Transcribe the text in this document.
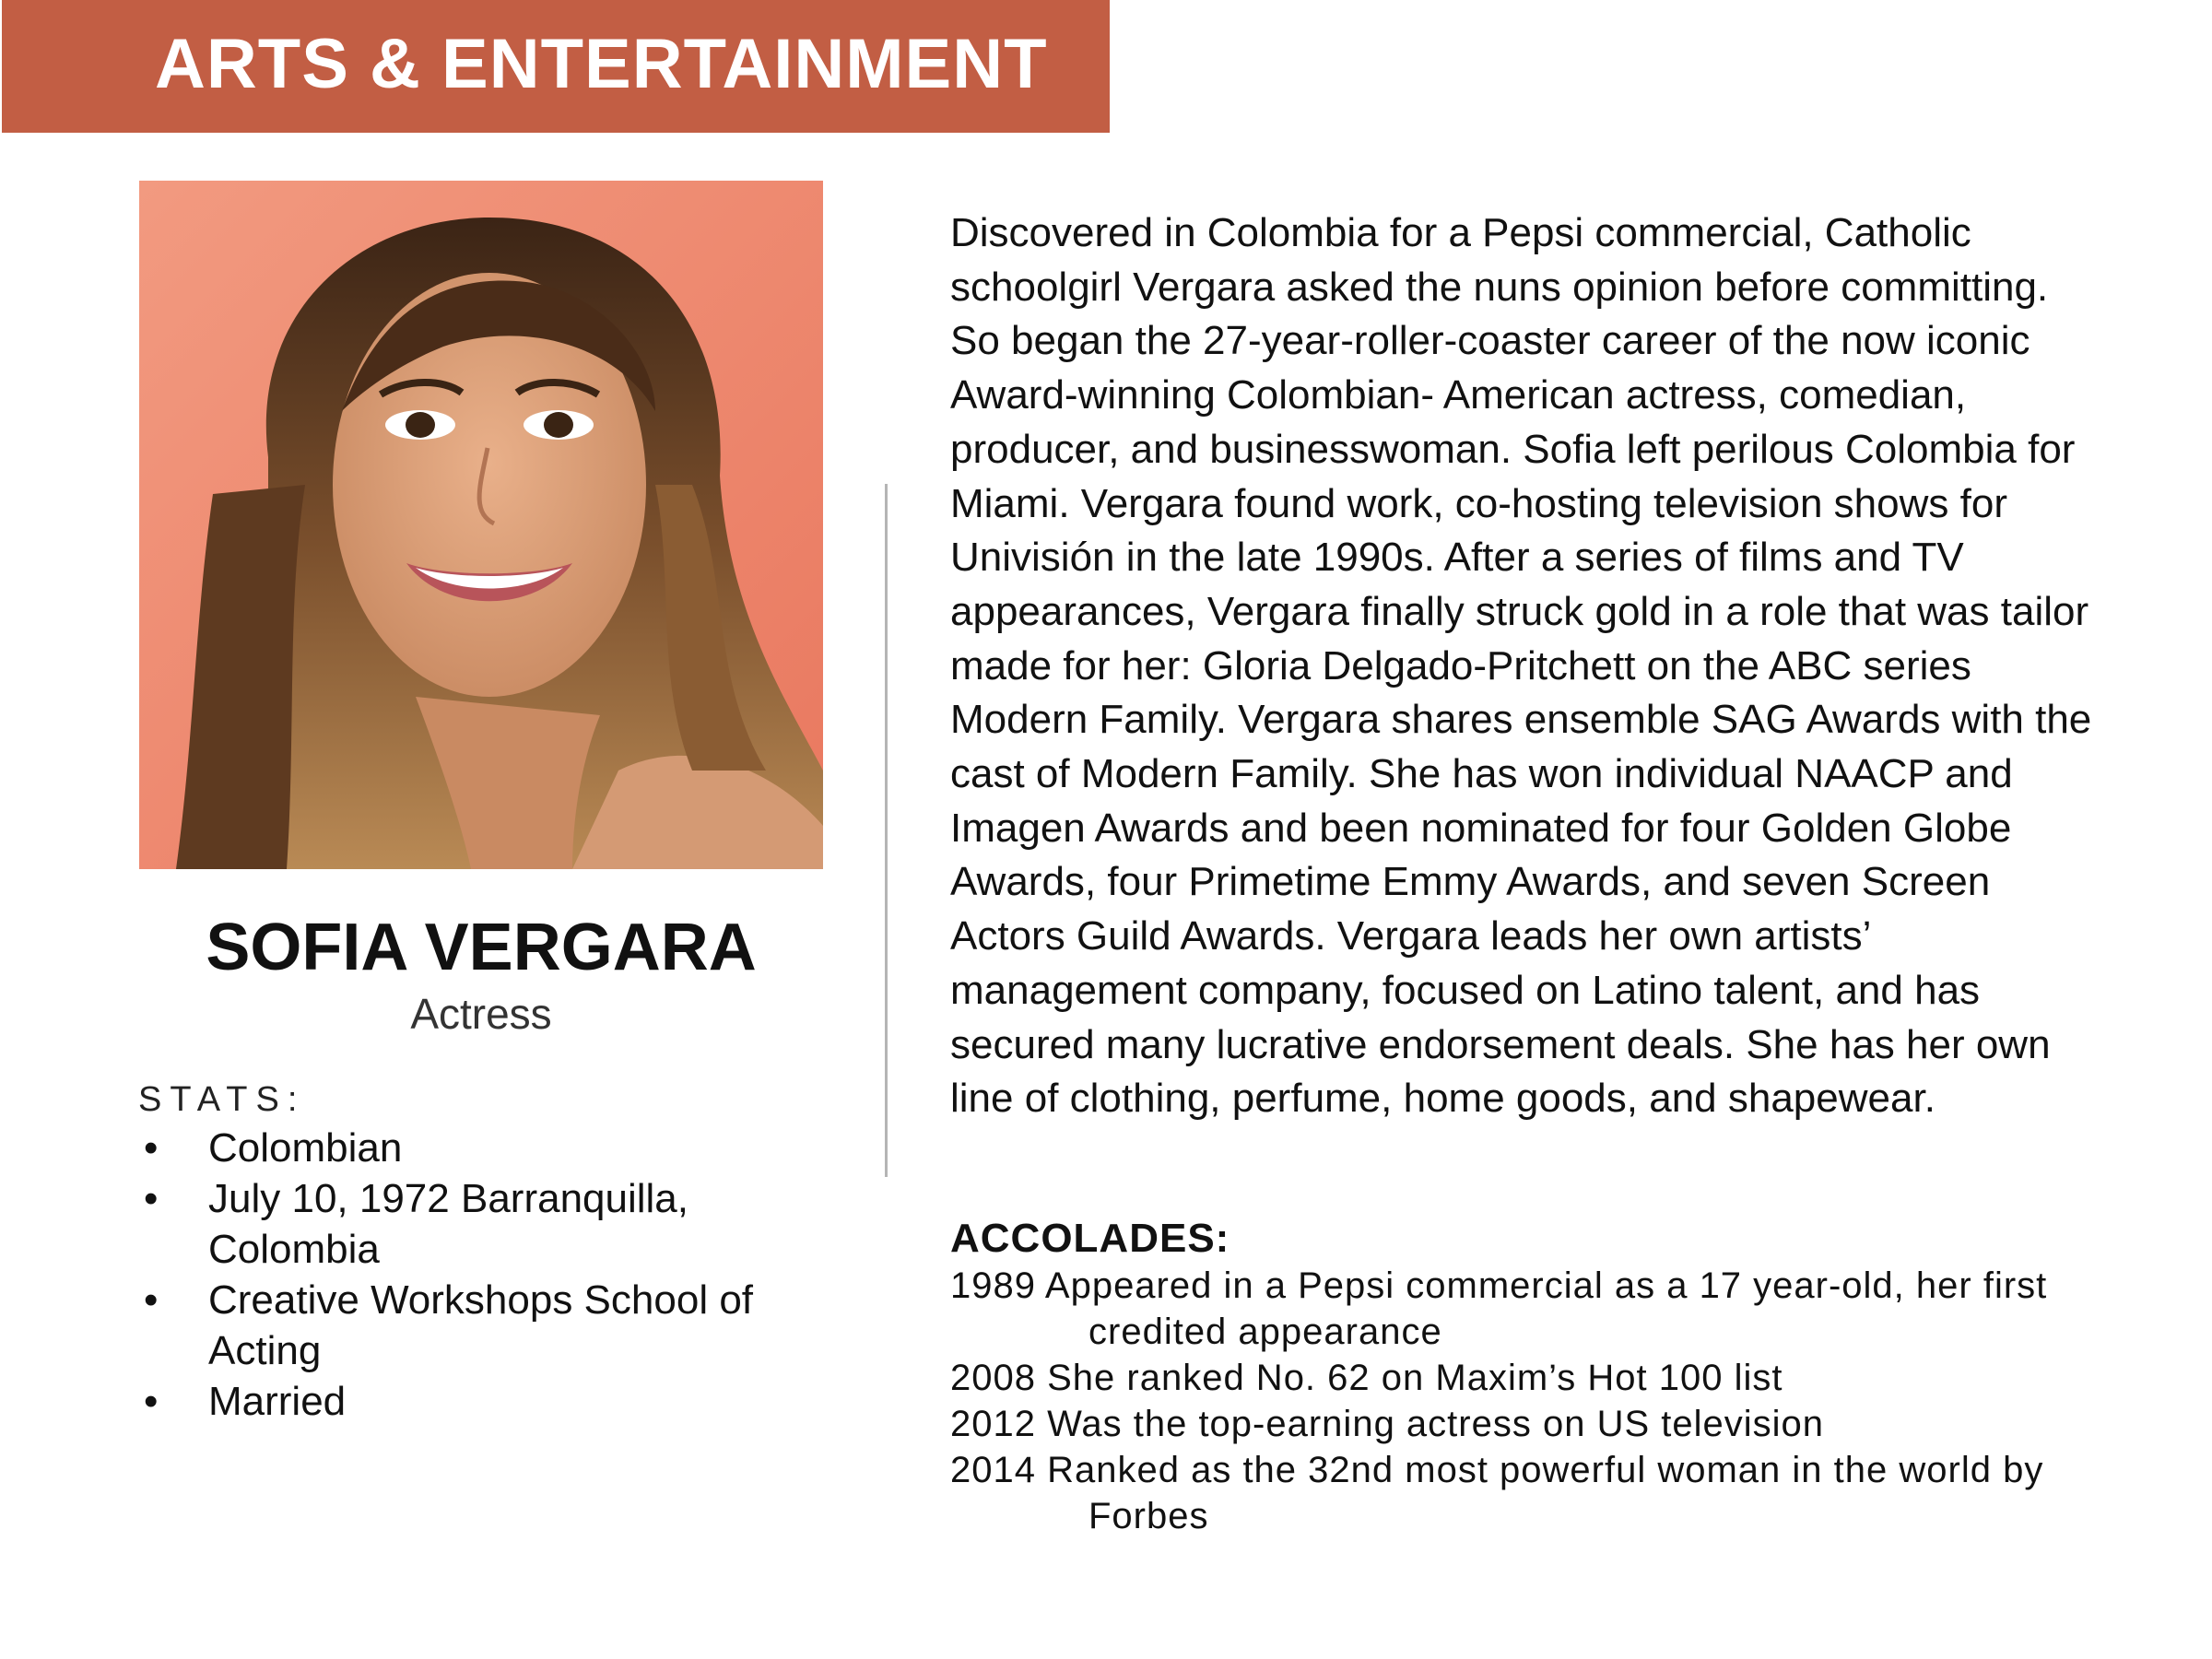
ARTS & ENTERTAINMENT
SOFIA VERGARA
Actress
STATS:
• Colombian
• July 10, 1972 Barranquilla, Colombia
• Creative Workshops School of Acting
• Married

Discovered in Colombia for a Pepsi commercial, Catholic schoolgirl Vergara asked the nuns opinion before committing. So began the 27-year-roller-coaster career of the now iconic Award-winning Colombian- American actress, comedian, producer, and businesswoman. Sofia left perilous Colombia for Miami. Vergara found work, co-hosting television shows for Univisión in the late 1990s. After a series of films and TV appearances, Vergara finally struck gold in a role that was tailor made for her: Gloria Delgado-Pritchett on the ABC series Modern Family. Vergara shares ensemble SAG Awards with the cast of Modern Family. She has won individual NAACP and Imagen Awards and been nominated for four Golden Globe Awards, four Primetime Emmy Awards, and seven Screen Actors Guild Awards. Vergara leads her own artists’ management company, focused on Latino talent, and has secured many lucrative endorsement deals. She has her own line of clothing, perfume, home goods, and shapewear.

ACCOLADES:
1989 Appeared in a Pepsi commercial as a 17 year-old, her first credited appearance
2008 She ranked No. 62 on Maxim’s Hot 100 list
2012 Was the top-earning actress on US television
2014 Ranked as the 32nd most powerful woman in the world by Forbes
